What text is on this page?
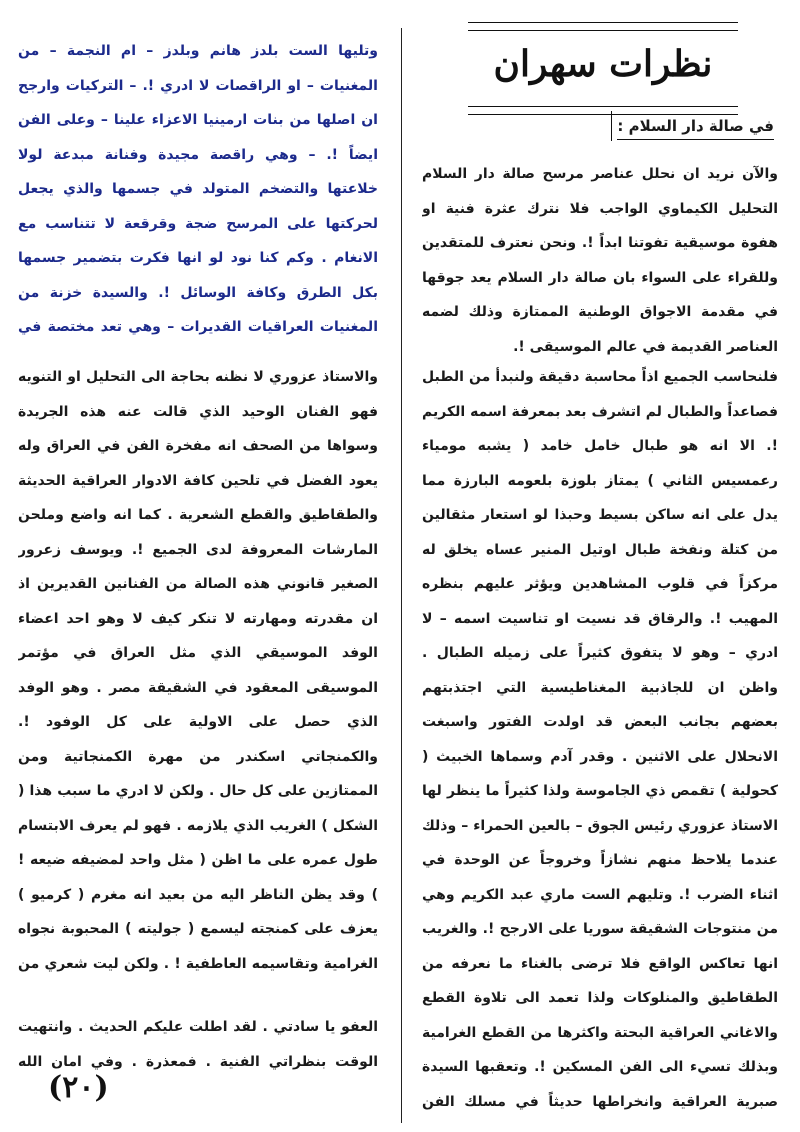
نظرات سهران
في صالة دار السلام :

والآن نريد ان نحلل عناصر مرسح صالة دار السلام التحليل الكيماوي الواجب فلا نترك عثرة فنية او هفوة موسيقية تفوتنا ابداً !. ونحن نعترف للمتقدين وللقراء على السواء بان صالة دار السلام يعد جوقها في مقدمة الاجواق الوطنية الممتازة وذلك لضمه العناصر القديمة في عالم الموسيقى !.

فلنحاسب الجميع اذاً محاسبة دقيقة ولنبدأ من الطبل فصاعداً والطبال لم اتشرف بعد بمعرفة اسمه الكريم !. الا انه هو طبال خامل خامد ( يشبه مومياء رعمسيس الثاني ) يمتاز بلوزة بلعومه البارزة مما يدل على انه ساكن بسيط وحبذا لو استعار مثقالين من كتلة ونفخة طبال اوتيل المنير عساه يخلق له مركزاً في قلوب المشاهدين ويؤثر عليهم بنظره المهيب !. والرقاق قد نسيت او تناسيت اسمه – لا ادري – وهو لا يتفوق كثيراً على زميله الطبال . واظن ان للجاذبية المغناطيسية التي اجتذبتهم بعضهم بجانب البعض قد اولدت الفتور واسبغت الانحلال على الاثنين . وقدر آدم وسماها الخبيث ( كحولية ) تقمص ذي الجاموسة ولذا كثيراً ما ينظر لها الاستاذ عزوري رئيس الجوق – بالعين الحمراء – وذلك عندما يلاحظ منهم نشازاً وخروجاً عن الوحدة في اثناء الضرب !. وتليهم الست ماري عبد الكريم وهي من منتوجات الشقيقة سوريا على الارجح !. والغريب انها تعاكس الواقع فلا ترضى بالغناء ما نعرفه من الطقاطيق والمنلوكات ولذا تعمد الى تلاوة القطع والاغاني العراقية البحتة واكثرها من القطع الغرامية وبذلك تسيء الى الفن المسكين !. وتعقبها السيدة صبرية العراقية وانخراطها حديثاً في مسلك الفن

وتليها الست بلدز هانم وبلدز – ام النجمة – من المغنيات – او الراقصات لا ادري !. – التركيات وارجح ان اصلها من بنات ارمينيا الاعزاء علينا – وعلى الفن ايضاً !. – وهي راقصة مجيدة وفنانة مبدعة لولا خلاعتها والتضخم المتولد في جسمها والذي يجعل لحركتها على المرسح ضجة وقرقعة لا تتناسب مع الانغام . وكم كنا نود لو انها فكرت بتضمير جسمها بكل الطرق وكافة الوسائل !. والسيدة خزنة من المغنيات العراقيات القديرات – وهي تعد مختصة في

والاستاذ عزوري لا نظنه بحاجة الى التحليل او التنويه فهو الفنان الوحيد الذي قالت عنه هذه الجريدة وسواها من الصحف انه مفخرة الفن في العراق وله يعود الفضل في تلحين كافة الادوار العراقية الحديثة والطقاطيق والقطع الشعرية . كما انه واضع وملحن المارشات المعروفة لدى الجميع !. ويوسف زعرور الصغير قانوني هذه الصالة من الفنانين القديرين اذ ان مقدرته ومهارته لا تنكر كيف لا وهو احد اعضاء الوفد الموسيقي الذي مثل العراق في مؤتمر الموسيقى المعقود في الشقيقة مصر . وهو الوفد الذي حصل على الاولية على كل الوفود !. والكمنجاتي اسكندر من مهرة الكمنجاتية ومن الممتازين على كل حال . ولكن لا ادري ما سبب هذا ( الشكل ) الغريب الذي يلازمه . فهو لم يعرف الابتسام طول عمره على ما اظن ( مثل واحد لمضيفه ضيعه ! ) وقد يظن الناظر اليه من بعيد انه مغرم ( كرميو ) يعزف على كمنجته ليسمع ( جوليته ) المحبوبة نجواه الغرامية وتقاسيمه العاطفية ! . ولكن ليت شعري من

العفو يا سادتي . لقد اطلت عليكم الحديث . وانتهيت الوقت بنظراتي الفنية . فمعذرة . وفي امان الله

(٢٠)
